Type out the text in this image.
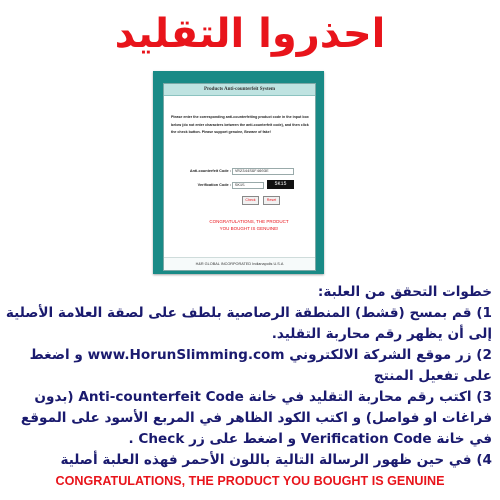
احذروا التقليد
Products Anti-counterfeit System
Please enter the corresponding anti-counterfeiting product code in the input box below (do not enter characters between the anti-counterfeit code), and then click the check button. Please support genuine, Beware of fake!
Anti-counterfeit Code :	VR2344SGF4603E
Verification Code :	5K15	5K15
Check	Reset
CONGRATULATIONS, THE PRODUCT YOU BOUGHT IS GENUINE!
H&R GLOBAL INCORPORATED Indianapolis U.S.A

خطوات التحقق من العلبة:

1) قم بمسح (قشط) المنطقة الرصاصية بلطف على لصقة العلامة الأصلية إلى أن يظهر رقم محاربة التقليد.

2) زر موقع الشركة الالكتروني www.HorunSlimming.com و اضغط على تفعيل المنتج

3) اكتب رقم محاربة التقليد في خانة Anti-counterfeit Code (بدون فراغات او فواصل) و اكتب الكود الظاهر في المربع الأسود على الموقع في خانة Verification Code و اضغط على زر Check .

4) في حين ظهور الرسالة التالية باللون الأحمر فهذه العلبة أصلية

CONGRATULATIONS, THE PRODUCT YOU BOUGHT IS GENUINE
